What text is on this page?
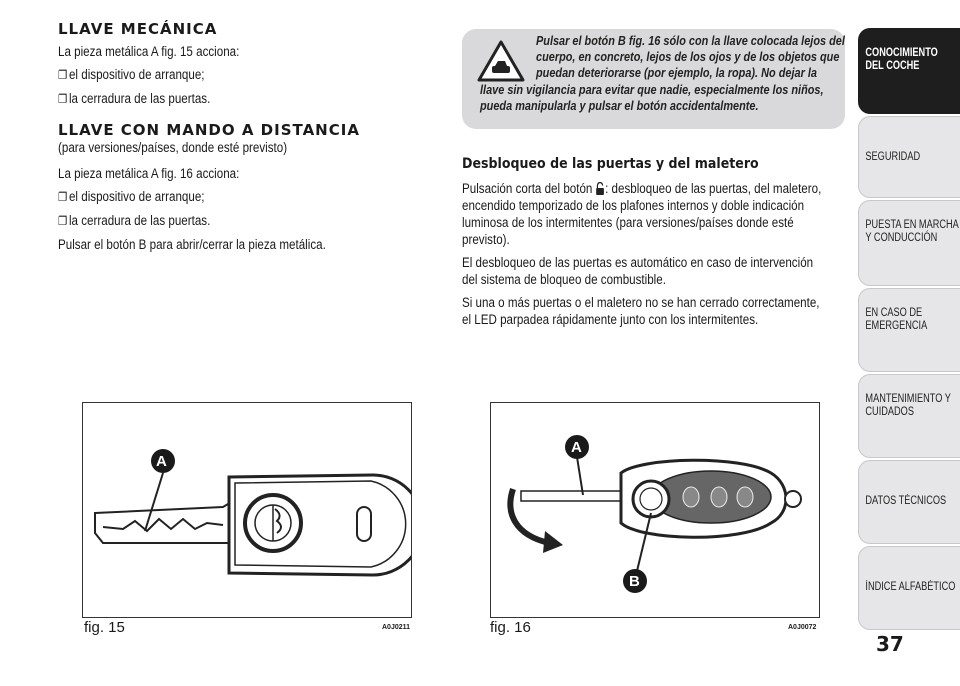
LLAVE MECÁNICA

La pieza metálica A fig. 15 acciona:

❐ el dispositivo de arranque;

❐ la cerradura de las puertas.

LLAVE CON MANDO A DISTANCIA

(para versiones/países, donde esté previsto)

La pieza metálica A fig. 16 acciona:

❐ el dispositivo de arranque;

❐ la cerradura de las puertas.

Pulsar el botón B para abrir/cerrar la pieza metálica.

Pulsar el botón B fig. 16 sólo con la llave colocada lejos del
cuerpo, en concreto, lejos de los ojos y de los objetos que
puedan deteriorarse (por ejemplo, la ropa). No dejar la
llave sin vigilancia para evitar que nadie, especialmente los niños,
pueda manipularla y pulsar el botón accidentalmente.
Desbloqueo de las puertas y del maletero

Pulsación corta del botón : desbloqueo de las puertas, del maletero,

encendido temporizado de los plafones internos y doble indicación

luminosa de los intermitentes (para versiones/países donde esté

previsto).

El desbloqueo de las puertas es automático en caso de intervención

del sistema de bloqueo de combustible.

Si una o más puertas o el maletero no se han cerrado correctamente,

el LED parpadea rápidamente junto con los intermitentes.

A
fig. 15	A0J0211
A
B
fig. 16	A0J0072
CONOCIMIENTO
DEL COCHE
SEGURIDAD
PUESTA EN MARCHA
Y CONDUCCIÓN
EN CASO DE
EMERGENCIA
MANTENIMIENTO Y
CUIDADOS
DATOS TÉCNICOS
ÍNDICE ALFABÉTICO
37
